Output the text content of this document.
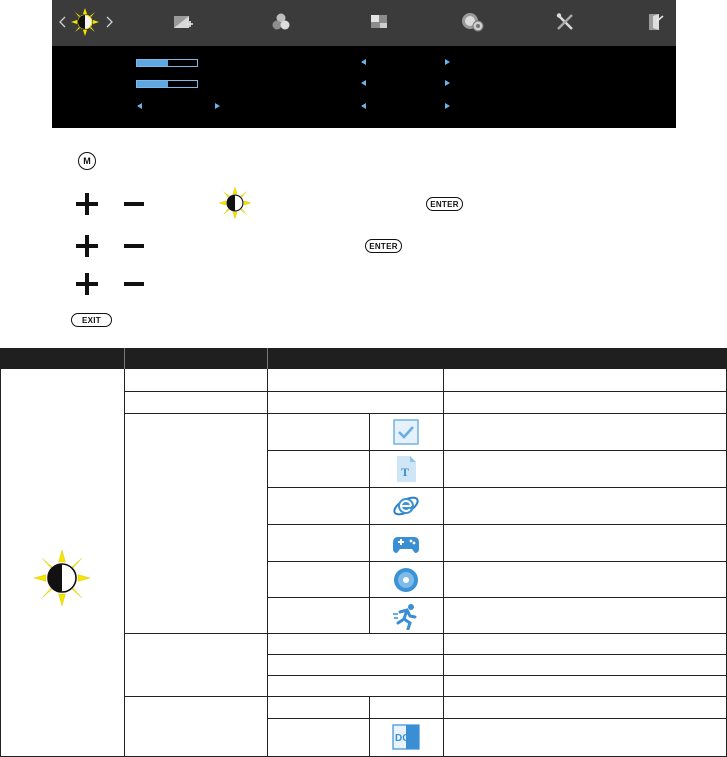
M
ENTER
ENTER
EXIT
T
DCR
